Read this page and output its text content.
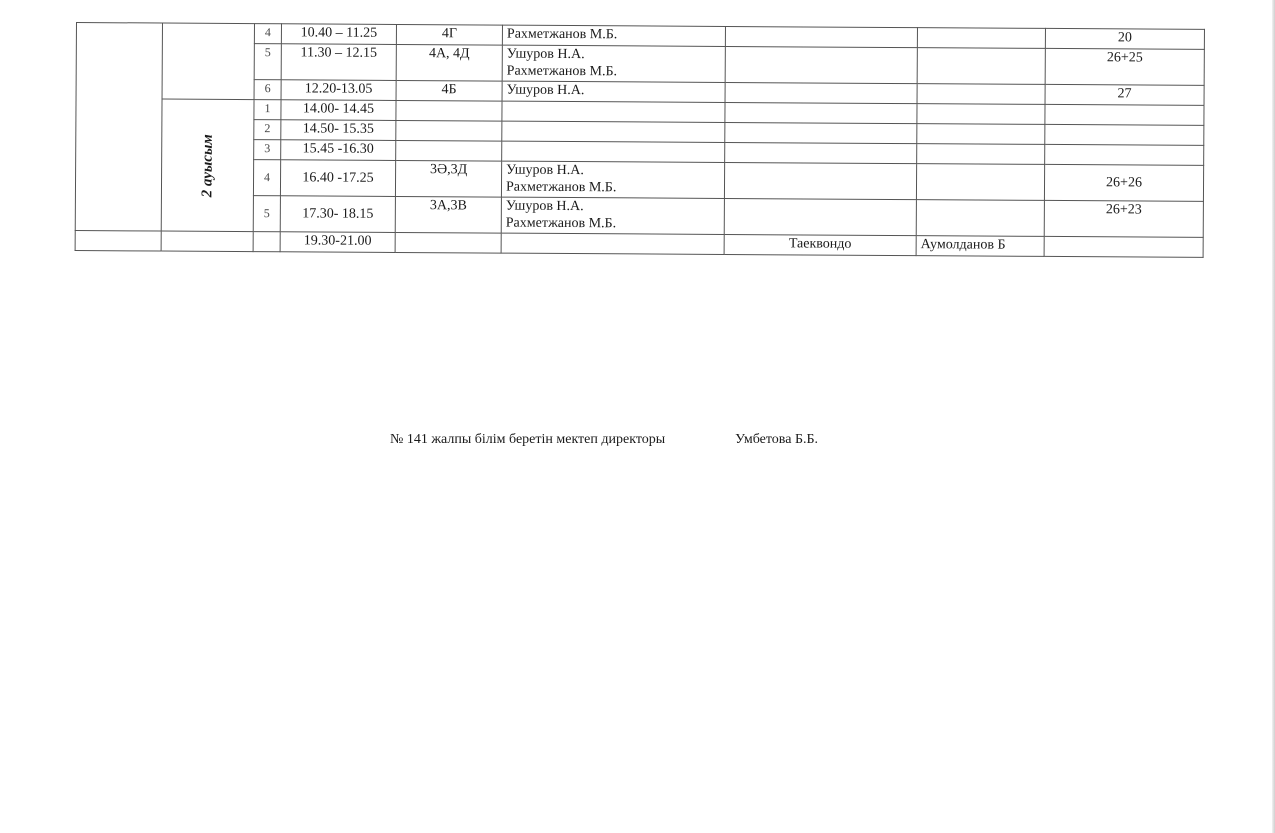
		4	10.40 – 11.25	4Г	Рахметжанов М.Б.			20
		5	11.30 – 12.15	4А, 4Д	Ушуров Н.А.
Рахметжанов М.Б.			26+25
		6	12.20-13.05	4Б	Ушуров Н.А.			27

	2 ауысым	1	14.00- 14.45		

		2	14.50- 15.35		

		3	15.45 -16.30		

		4	16.40 -17.25	3Ә,3Д	Ушуров Н.А.
Рахметжанов М.Б.			26+26
		5	17.30- 18.15	3А,3В	Ушуров Н.А.
Рахметжанов М.Б.			26+23
			19.30-21.00			Таеквондо	Аумолданов Б	
№ 141 жалпы білім беретін мектеп директоры	Умбетова Б.Б.
